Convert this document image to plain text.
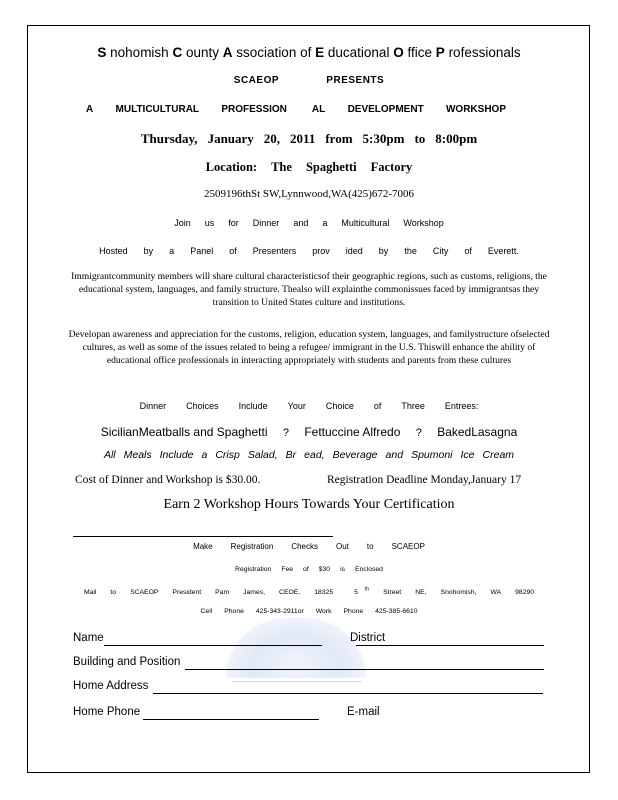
S nohomish C ounty A ssociation of E ducational O ffice P rofessionals
SCAEOP	PRESENTS
A MULTICULTURAL PROFESSION	AL DEVELOPMENT WORKSHOP
Thursday, January 20, 2011 from 5:30pm to 8:00pm
Location: The Spaghetti Factory
2509196thSt SW,Lynnwood,WA(425)672-7006
Join us for Dinner and a Multicultural Workshop
Hosted by a Panel of Presenters prov ided by the City of Everett.
Immigrantcommunity members will share cultural characteristicsof their geographic regions, such as customs, religions, the educational system, languages, and family structure. Thealso will explainthe commonissues faced by immigrantsas they transition to United States culture and institutions.
Developan awareness and appreciation for the customs, religion, education system, languages, and familystructure ofselected cultures, as well as some of the issues related to being a refugee/ immigrant in the U.S. Thiswill enhance the ability of educational office professionals in interacting appropriately with students and parents from these cultures
Dinner Choices Include Your Choice of Three Entrees:
SicilianMeatballs and Spaghetti ? Fettuccine Alfredo ? BakedLasagna
All Meals Include a Crisp Salad, Br ead, Beverage and Spumoni Ice Cream
Cost of Dinner and Workshop is $30.00.	Registration Deadline Monday,January 17
Earn 2 Workshop Hours Towards Your Certification
Make Registration Checks Out to SCAEOP
Registration Fee of $30 is Enclosed
Mail to SCAEOP President Pam James, CEOE, 18325	5 $^{th}$ Street NE, Snohomish, WA 98290
Cell Phone 425-343-2911or Work Phone 425-385-6610
Name	District
Building and Position
Home Address
Home Phone	E-mail
